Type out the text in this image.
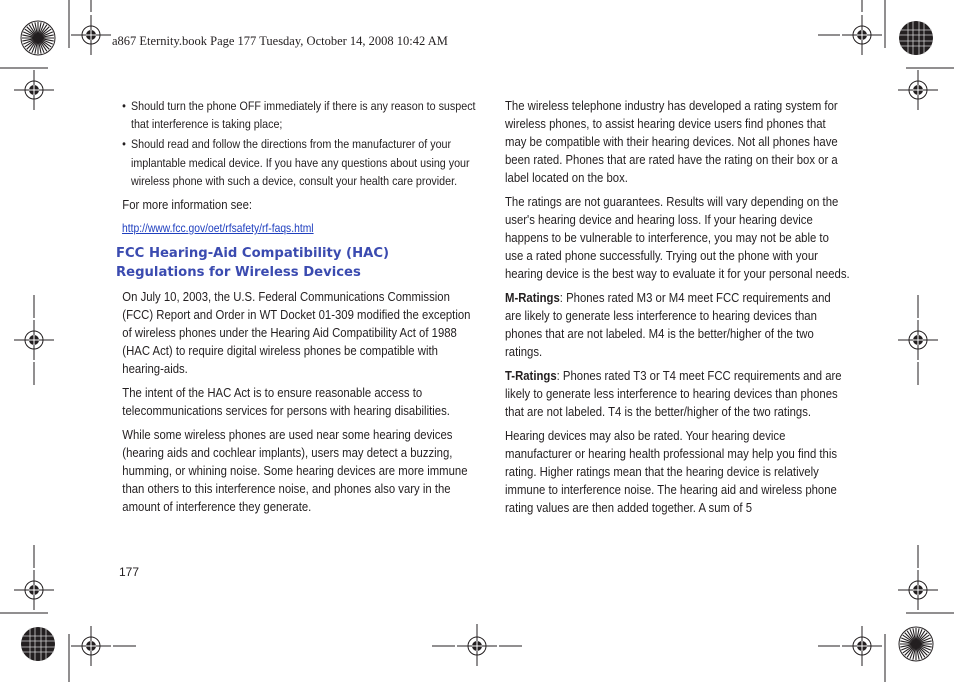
a867 Eternity.book Page 177 Tuesday, October 14, 2008 10:42 AM
• Should turn the phone OFF immediately if there is any reason to suspect that interference is taking place;
• Should read and follow the directions from the manufacturer of your implantable medical device. If you have any questions about using your wireless phone with such a device, consult your health care provider.

For more information see:

http://www.fcc.gov/oet/rfsafety/rf-faqs.html
FCC Hearing-Aid Compatibility (HAC) Regulations for Wireless Devices

On July 10, 2003, the U.S. Federal Communications Commission (FCC) Report and Order in WT Docket 01-309 modified the exception of wireless phones under the Hearing Aid Compatibility Act of 1988 (HAC Act) to require digital wireless phones be compatible with hearing-aids.

The intent of the HAC Act is to ensure reasonable access to telecommunications services for persons with hearing disabilities.

While some wireless phones are used near some hearing devices (hearing aids and cochlear implants), users may detect a buzzing, humming, or whining noise. Some hearing devices are more immune than others to this interference noise, and phones also vary in the amount of interference they generate.

The wireless telephone industry has developed a rating system for wireless phones, to assist hearing device users find phones that may be compatible with their hearing devices. Not all phones have been rated. Phones that are rated have the rating on their box or a label located on the box.

The ratings are not guarantees. Results will vary depending on the user's hearing device and hearing loss. If your hearing device happens to be vulnerable to interference, you may not be able to use a rated phone successfully. Trying out the phone with your hearing device is the best way to evaluate it for your personal needs.

M-Ratings: Phones rated M3 or M4 meet FCC requirements and are likely to generate less interference to hearing devices than phones that are not labeled. M4 is the better/higher of the two ratings.

T-Ratings: Phones rated T3 or T4 meet FCC requirements and are likely to generate less interference to hearing devices than phones that are not labeled. T4 is the better/higher of the two ratings.

Hearing devices may also be rated. Your hearing device manufacturer or hearing health professional may help you find this rating. Higher ratings mean that the hearing device is relatively immune to interference noise. The hearing aid and wireless phone rating values are then added together. A sum of 5

177
